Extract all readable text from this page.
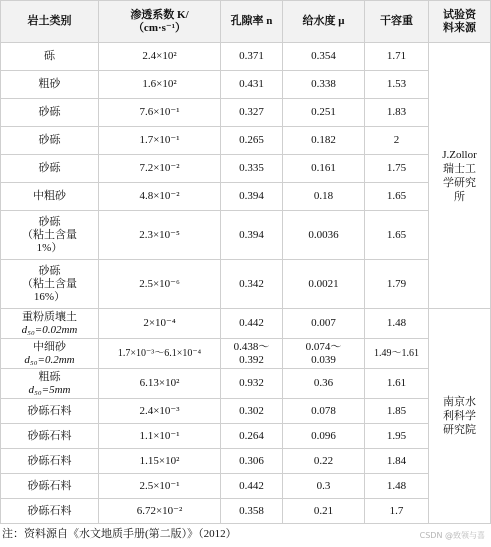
岩土类别	渗透系数 K/
（cm·s⁻¹）	孔隙率 n	给水度 μ	干容重	试验资
料来源
砾	2.4×10²	0.371	0.354	1.71	J.Zollor
瑞士工
学研究
所
粗砂	1.6×10²	0.431	0.338	1.53	
砂砾	7.6×10⁻¹	0.327	0.251	1.83	
砂砾	1.7×10⁻¹	0.265	0.182	2	
砂砾	7.2×10⁻²	0.335	0.161	1.75	
中粗砂	4.8×10⁻²	0.394	0.18	1.65	
砂砾
（粘土含量
1%）	2.3×10⁻⁵	0.394	0.0036	1.65	
砂砾
（粘土含量
16%）	2.5×10⁻⁶	0.342	0.0021	1.79	
重粉质壤土
d₅₀=0.02mm	2×10⁻⁴	0.442	0.007	1.48	南京水
利科学
研究院
中细砂
d₅₀=0.2mm	1.7×10⁻³～6.1×10⁻⁴	0.438～
0.392	0.074～
0.039	1.49～1.61	
粗砾
d₅₀=5mm	6.13×10²	0.932	0.36	1.61	
砂砾石料	2.4×10⁻³	0.302	0.078	1.85	
砂砾石料	1.1×10⁻¹	0.264	0.096	1.95	
砂砾石料	1.15×10²	0.306	0.22	1.84	
砂砾石料	2.5×10⁻¹	0.442	0.3	1.48	
砂砾石料	6.72×10⁻²	0.358	0.21	1.7	
注：资料源自《水文地质手册(第二版）》（2012）	CSDN @致领与喜
